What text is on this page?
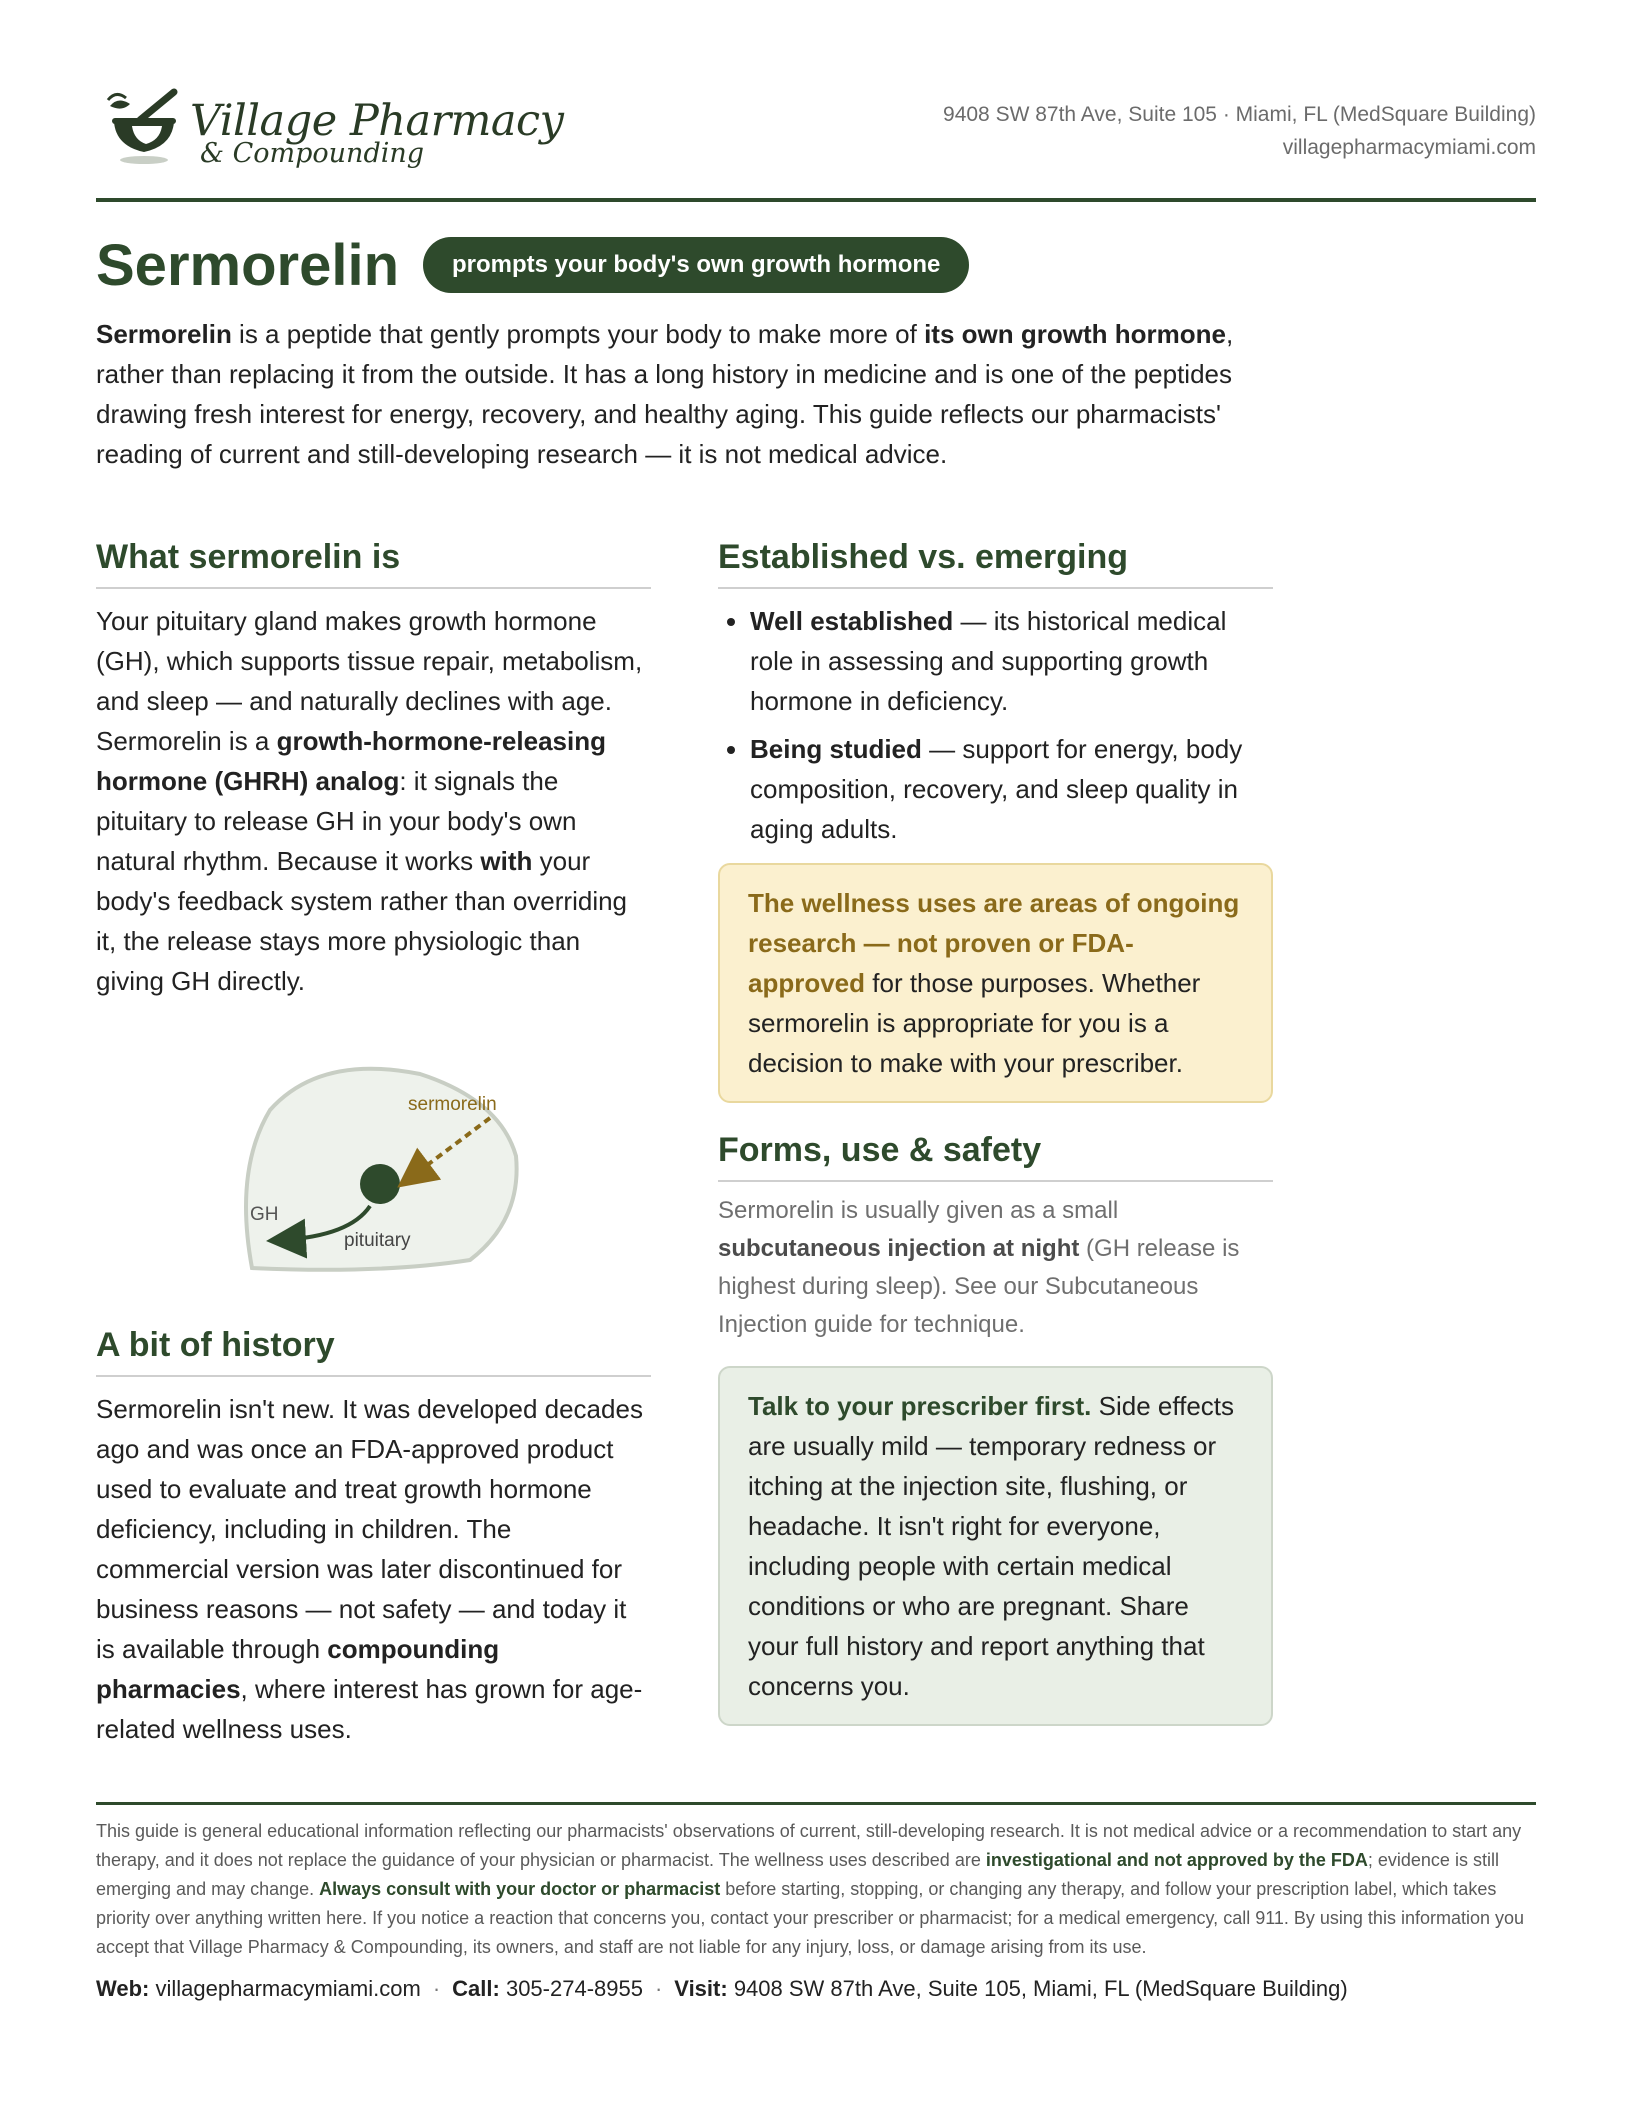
Village Pharmacy
& Compounding
9408 SW 87th Ave, Suite 105 · Miami, FL (MedSquare Building)
villagepharmacymiami.com
Sermorelin	prompts your body's own growth hormone
Sermorelin is a peptide that gently prompts your body to make more of its own growth hormone, rather than replacing it from the outside. It has a long history in medicine and is one of the peptides drawing fresh interest for energy, recovery, and healthy aging. This guide reflects our pharmacists' reading of current and still-developing research — it is not medical advice.
What sermorelin is
Your pituitary gland makes growth hormone (GH), which supports tissue repair, metabolism, and sleep — and naturally declines with age. Sermorelin is a growth-hormone-releasing hormone (GHRH) analog: it signals the pituitary to release GH in your body's own natural rhythm. Because it works with your body's feedback system rather than overriding it, the release stays more physiologic than giving GH directly.
sermorelin
GH
pituitary
A bit of history
Sermorelin isn't new. It was developed decades ago and was once an FDA-approved product used to evaluate and treat growth hormone deficiency, including in children. The commercial version was later discontinued for business reasons — not safety — and today it is available through compounding pharmacies, where interest has grown for age-related wellness uses.
Established vs. emerging
• Well established — its historical medical role in assessing and supporting growth hormone in deficiency.
• Being studied — support for energy, body composition, recovery, and sleep quality in aging adults.
The wellness uses are areas of ongoing research — not proven or FDA-approved for those purposes. Whether sermorelin is appropriate for you is a decision to make with your prescriber.
Forms, use & safety
Sermorelin is usually given as a small subcutaneous injection at night (GH release is highest during sleep). See our Subcutaneous Injection guide for technique.
Talk to your prescriber first. Side effects are usually mild — temporary redness or itching at the injection site, flushing, or headache. It isn't right for everyone, including people with certain medical conditions or who are pregnant. Share your full history and report anything that concerns you.
This guide is general educational information reflecting our pharmacists' observations of current, still-developing research. It is not medical advice or a recommendation to start any therapy, and it does not replace the guidance of your physician or pharmacist. The wellness uses described are investigational and not approved by the FDA; evidence is still emerging and may change. Always consult with your doctor or pharmacist before starting, stopping, or changing any therapy, and follow your prescription label, which takes priority over anything written here. If you notice a reaction that concerns you, contact your prescriber or pharmacist; for a medical emergency, call 911. By using this information you accept that Village Pharmacy & Compounding, its owners, and staff are not liable for any injury, loss, or damage arising from its use.
Web: villagepharmacymiami.com · Call: 305-274-8955 · Visit: 9408 SW 87th Ave, Suite 105, Miami, FL (MedSquare Building)
